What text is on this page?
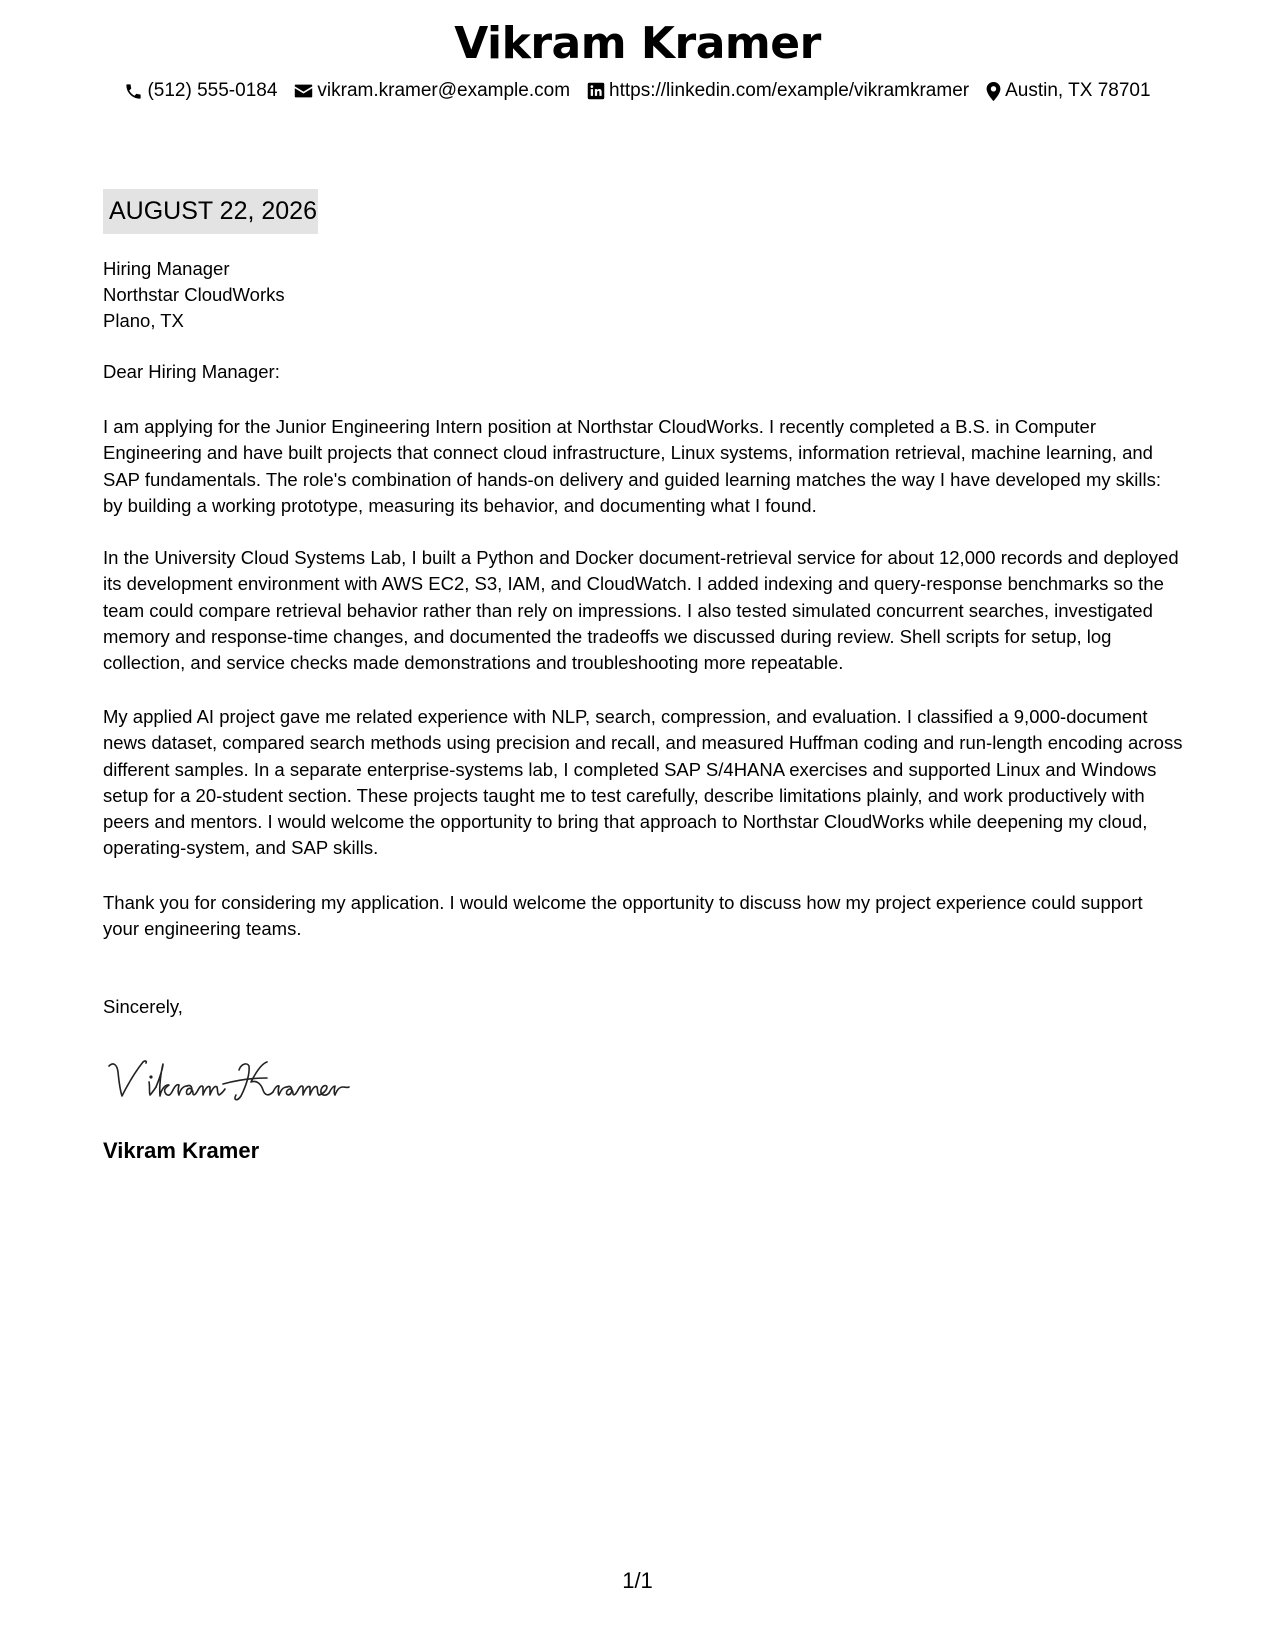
Vikram Kramer
(512) 555-0184 vikram.kramer@example.com https://linkedin.com/example/vikramkramer Austin, TX 78701
AUGUST 22, 2026
Hiring Manager
Northstar CloudWorks
Plano, TX
Dear Hiring Manager:

I am applying for the Junior Engineering Intern position at Northstar CloudWorks. I recently completed a B.S. in Computer Engineering and have built projects that connect cloud infrastructure, Linux systems, information retrieval, machine learning, and SAP fundamentals. The role's combination of hands-on delivery and guided learning matches the way I have developed my skills: by building a working prototype, measuring its behavior, and documenting what I found.

In the University Cloud Systems Lab, I built a Python and Docker document-retrieval service for about 12,000 records and deployed its development environment with AWS EC2, S3, IAM, and CloudWatch. I added indexing and query-response benchmarks so the team could compare retrieval behavior rather than rely on impressions. I also tested simulated concurrent searches, investigated memory and response-time changes, and documented the tradeoffs we discussed during review. Shell scripts for setup, log collection, and service checks made demonstrations and troubleshooting more repeatable.

My applied AI project gave me related experience with NLP, search, compression, and evaluation. I classified a 9,000-document news dataset, compared search methods using precision and recall, and measured Huffman coding and run-length encoding across different samples. In a separate enterprise-systems lab, I completed SAP S/4HANA exercises and supported Linux and Windows setup for a 20-student section. These projects taught me to test carefully, describe limitations plainly, and work productively with peers and mentors. I would welcome the opportunity to bring that approach to Northstar CloudWorks while deepening my cloud, operating-system, and SAP skills.

Thank you for considering my application. I would welcome the opportunity to discuss how my project experience could support your engineering teams.

Sincerely,
Vikram Kramer
1/1
